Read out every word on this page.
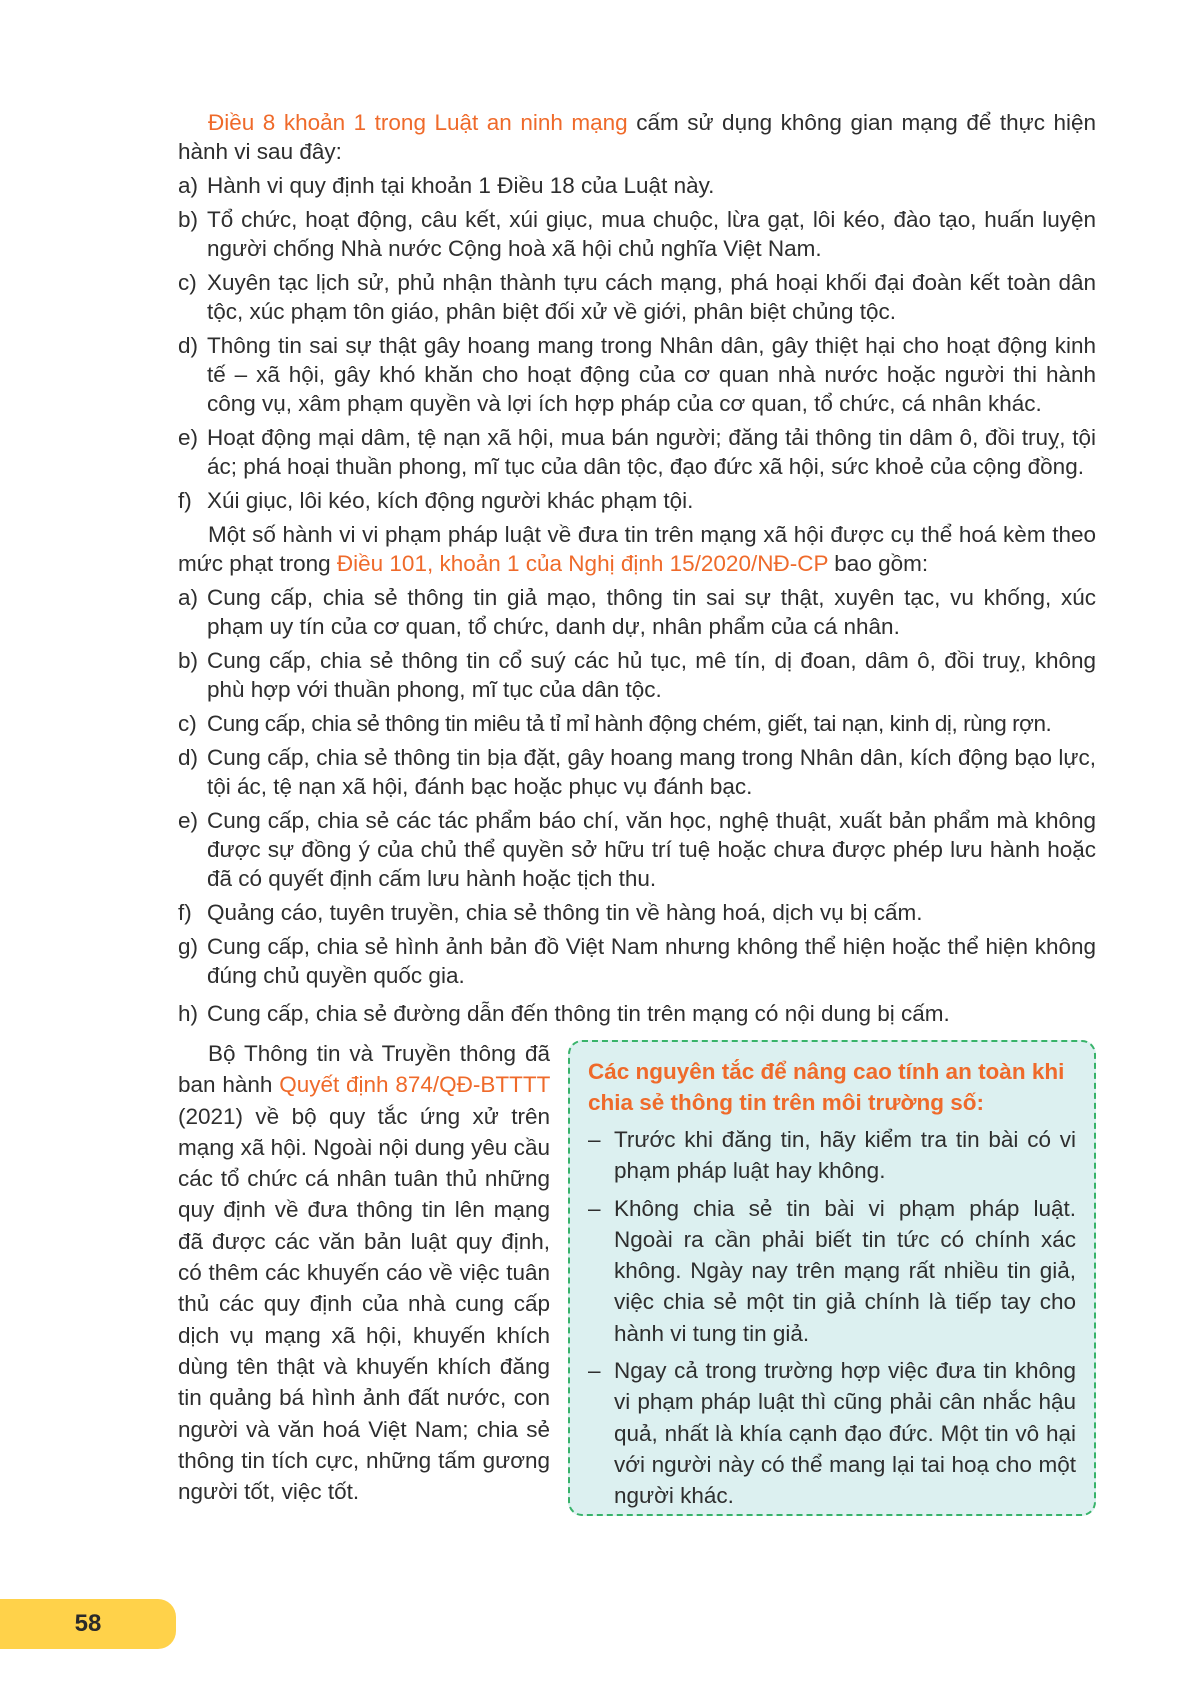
Điều 8 khoản 1 trong Luật an ninh mạng cấm sử dụng không gian mạng để thực hiện hành vi sau đây:

a) Hành vi quy định tại khoản 1 Điều 18 của Luật này.
b) Tổ chức, hoạt động, câu kết, xúi giục, mua chuộc, lừa gạt, lôi kéo, đào tạo, huấn luyện người chống Nhà nước Cộng hoà xã hội chủ nghĩa Việt Nam.
c) Xuyên tạc lịch sử, phủ nhận thành tựu cách mạng, phá hoại khối đại đoàn kết toàn dân tộc, xúc phạm tôn giáo, phân biệt đối xử về giới, phân biệt chủng tộc.
d) Thông tin sai sự thật gây hoang mang trong Nhân dân, gây thiệt hại cho hoạt động kinh tế – xã hội, gây khó khăn cho hoạt động của cơ quan nhà nước hoặc người thi hành công vụ, xâm phạm quyền và lợi ích hợp pháp của cơ quan, tổ chức, cá nhân khác.
e) Hoạt động mại dâm, tệ nạn xã hội, mua bán người; đăng tải thông tin dâm ô, đồi truỵ, tội ác; phá hoại thuần phong, mĩ tục của dân tộc, đạo đức xã hội, sức khoẻ của cộng đồng.
f) Xúi giục, lôi kéo, kích động người khác phạm tội.

Một số hành vi vi phạm pháp luật về đưa tin trên mạng xã hội được cụ thể hoá kèm theo mức phạt trong Điều 101, khoản 1 của Nghị định 15/2020/NĐ-CP bao gồm:

a) Cung cấp, chia sẻ thông tin giả mạo, thông tin sai sự thật, xuyên tạc, vu khống, xúc phạm uy tín của cơ quan, tổ chức, danh dự, nhân phẩm của cá nhân.
b) Cung cấp, chia sẻ thông tin cổ suý các hủ tục, mê tín, dị đoan, dâm ô, đồi truỵ, không phù hợp với thuần phong, mĩ tục của dân tộc.
c) Cung cấp, chia sẻ thông tin miêu tả tỉ mỉ hành động chém, giết, tai nạn, kinh dị, rùng rợn.
d) Cung cấp, chia sẻ thông tin bịa đặt, gây hoang mang trong Nhân dân, kích động bạo lực, tội ác, tệ nạn xã hội, đánh bạc hoặc phục vụ đánh bạc.
e) Cung cấp, chia sẻ các tác phẩm báo chí, văn học, nghệ thuật, xuất bản phẩm mà không được sự đồng ý của chủ thể quyền sở hữu trí tuệ hoặc chưa được phép lưu hành hoặc đã có quyết định cấm lưu hành hoặc tịch thu.
f) Quảng cáo, tuyên truyền, chia sẻ thông tin về hàng hoá, dịch vụ bị cấm.
g) Cung cấp, chia sẻ hình ảnh bản đồ Việt Nam nhưng không thể hiện hoặc thể hiện không đúng chủ quyền quốc gia.
h) Cung cấp, chia sẻ đường dẫn đến thông tin trên mạng có nội dung bị cấm.

Bộ Thông tin và Truyền thông đã ban hành Quyết định 874/QĐ-BTTTT (2021) về bộ quy tắc ứng xử trên mạng xã hội. Ngoài nội dung yêu cầu các tổ chức cá nhân tuân thủ những quy định về đưa thông tin lên mạng đã được các văn bản luật quy định, có thêm các khuyến cáo về việc tuân thủ các quy định của nhà cung cấp dịch vụ mạng xã hội, khuyến khích dùng tên thật và khuyến khích đăng tin quảng bá hình ảnh đất nước, con người và văn hoá Việt Nam; chia sẻ thông tin tích cực, những tấm gương người tốt, việc tốt.

Các nguyên tắc để nâng cao tính an toàn khi chia sẻ thông tin trên môi trường số:
– Trước khi đăng tin, hãy kiểm tra tin bài có vi phạm pháp luật hay không.
– Không chia sẻ tin bài vi phạm pháp luật. Ngoài ra cần phải biết tin tức có chính xác không. Ngày nay trên mạng rất nhiều tin giả, việc chia sẻ một tin giả chính là tiếp tay cho hành vi tung tin giả.
– Ngay cả trong trường hợp việc đưa tin không vi phạm pháp luật thì cũng phải cân nhắc hậu quả, nhất là khía cạnh đạo đức. Một tin vô hại với người này có thể mang lại tai hoạ cho một người khác.
58
